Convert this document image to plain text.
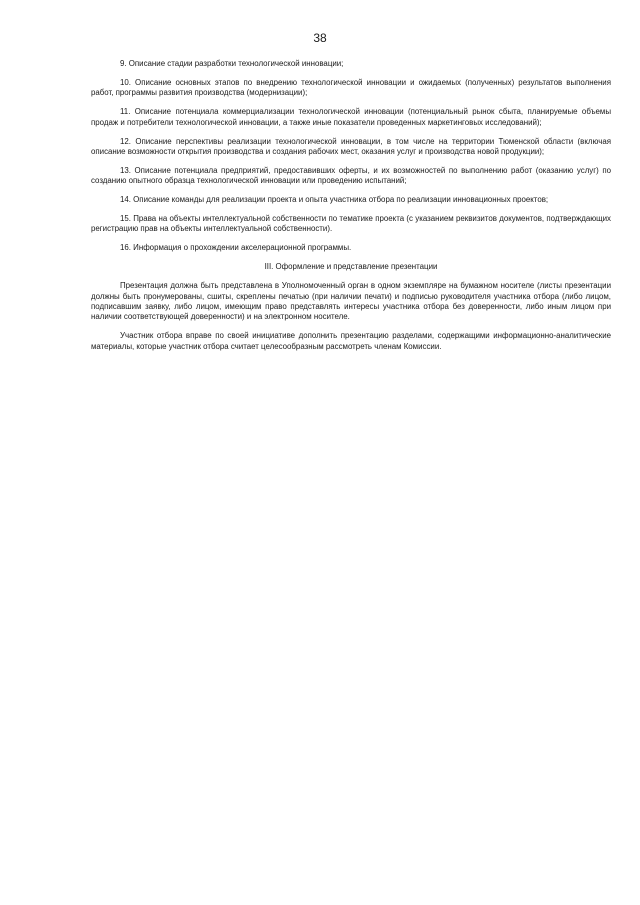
38

9. Описание стадии разработки технологической инновации;

10. Описание основных этапов по внедрению технологической инновации и ожидаемых (полученных) результатов выполнения работ, программы развития производства (модернизации);

11. Описание потенциала коммерциализации технологической инновации (потенциальный рынок сбыта, планируемые объемы продаж и потребители технологической инновации, а также иные показатели проведенных маркетинговых исследований);

12. Описание перспективы реализации технологической инновации, в том числе на территории Тюменской области (включая описание возможности открытия производства и создания рабочих мест, оказания услуг и производства новой продукции);

13. Описание потенциала предприятий, предоставивших оферты, и их возможностей по выполнению работ (оказанию услуг) по созданию опытного образца технологической инновации или проведению испытаний;

14. Описание команды для реализации проекта и опыта участника отбора по реализации инновационных проектов;

15. Права на объекты интеллектуальной собственности по тематике проекта (с указанием реквизитов документов, подтверждающих регистрацию прав на объекты интеллектуальной собственности).

16. Информация о прохождении акселерационной программы.

III. Оформление и представление презентации

Презентация должна быть представлена в Уполномоченный орган в одном экземпляре на бумажном носителе (листы презентации должны быть пронумерованы, сшиты, скреплены печатью (при наличии печати) и подписью руководителя участника отбора (либо лицом, подписавшим заявку, либо лицом, имеющим право представлять интересы участника отбора без доверенности, либо иным лицом при наличии соответствующей доверенности) и на электронном носителе.

Участник отбора вправе по своей инициативе дополнить презентацию разделами, содержащими информационно-аналитические материалы, которые участник отбора считает целесообразным рассмотреть членам Комиссии.
